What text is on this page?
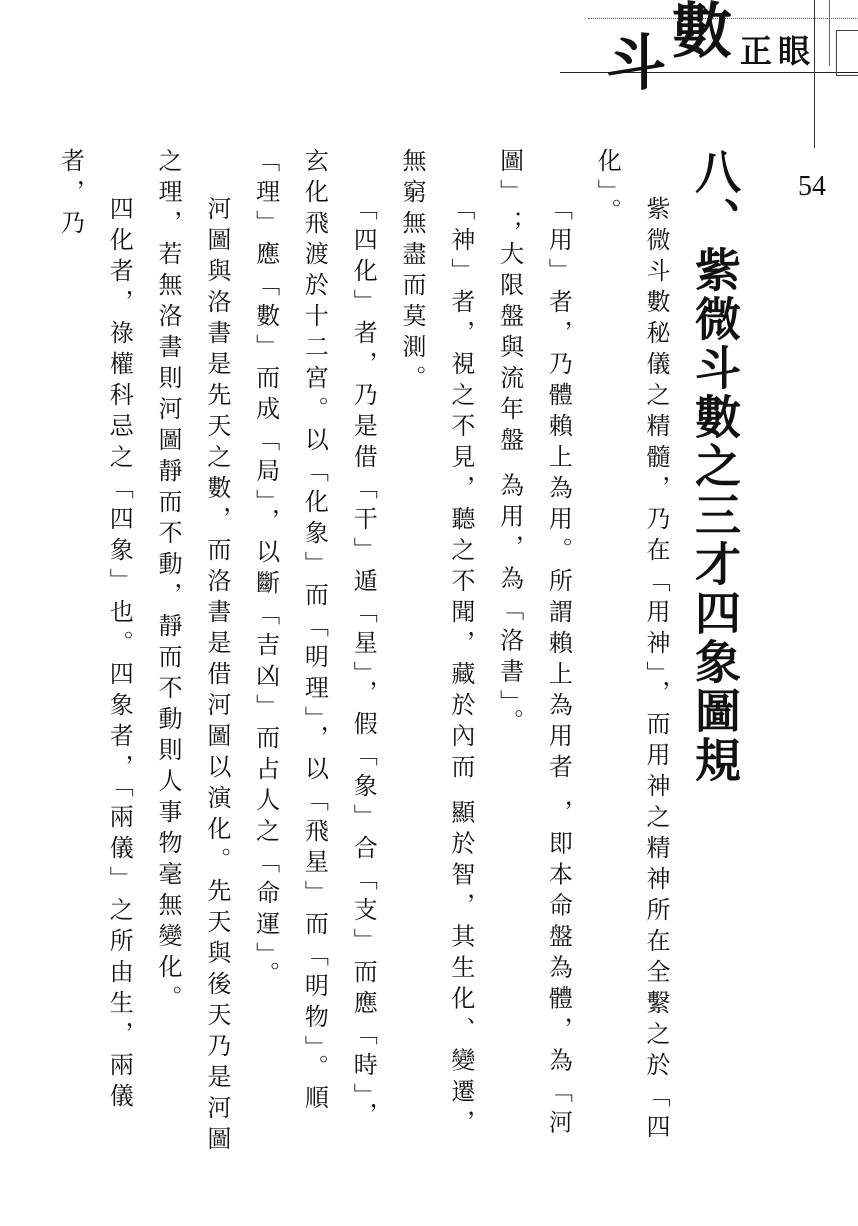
斗 數 正 眼
54

八、紫微斗數之三才四象圖規

紫微斗數秘儀之精髓，乃在「用神」，而用神之精神所在全繫之於「四化」。

「用」者，乃體賴上為用。所謂賴上為用者 ，即本命盤為體，為「河圖」；大限盤與流年盤 為用，為「洛書」。

「神」者，視之不見，聽之不聞，藏於內而 顯於智，其生化、變遷，無窮無盡而莫測。

「四化」者，乃是借「干」遁「星」，假「象」合「支」而應「時」，玄化飛渡於十二宮。以「化象」而「明理」，以「飛星」而「明物」。順「理」應「數」而成「局」，以斷「吉凶」而占人之「命運」。

河圖與洛書是先天之數，而洛書是借河圖以演化。先天與後天乃是河圖之理，若無洛書則河圖靜而不動，靜而不動則人事物毫無變化。

四化者，祿權科忌之「四象」也。四象者，「兩儀」之所由生，兩儀者，乃
